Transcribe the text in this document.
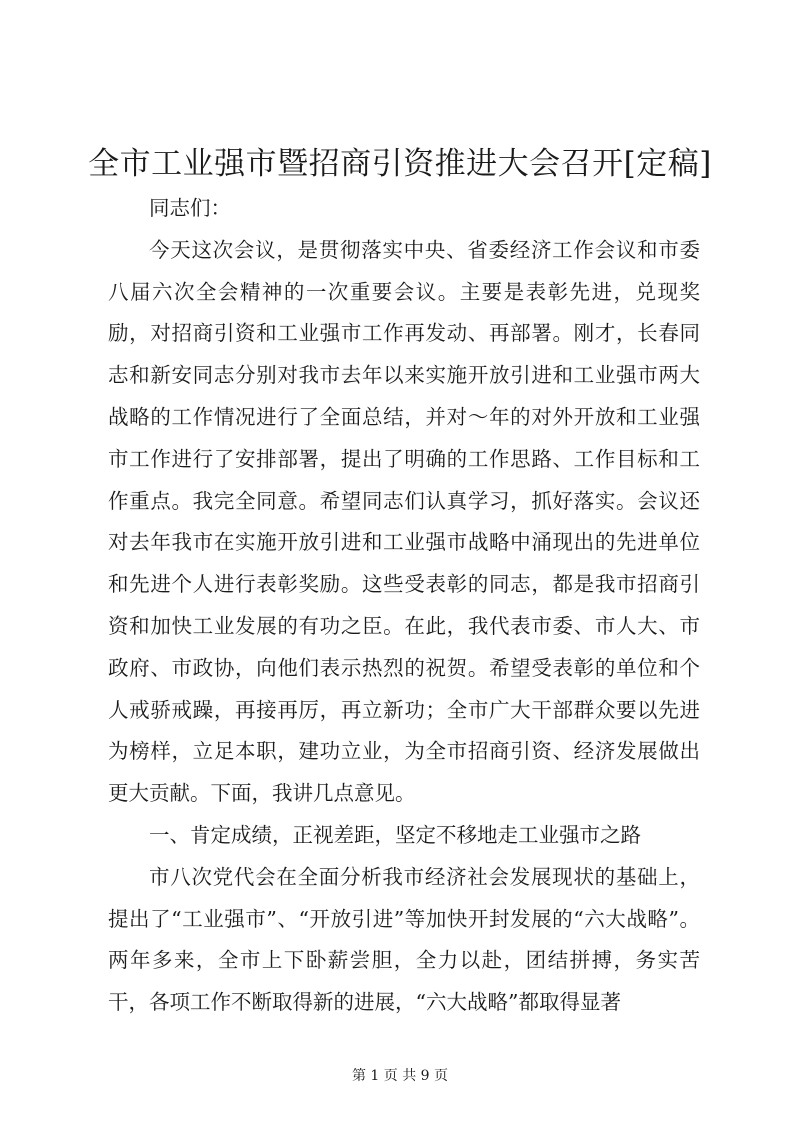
全市工业强市暨招商引资推进大会召开[定稿]

同志们：

今天这次会议，是贯彻落实中央、省委经济工作会议和市委八届六次全会精神的一次重要会议。主要是表彰先进，兑现奖励，对招商引资和工业强市工作再发动、再部署。刚才，长春同志和新安同志分别对我市去年以来实施开放引进和工业强市两大战略的工作情况进行了全面总结，并对～年的对外开放和工业强市工作进行了安排部署，提出了明确的工作思路、工作目标和工作重点。我完全同意。希望同志们认真学习，抓好落实。会议还对去年我市在实施开放引进和工业强市战略中涌现出的先进单位和先进个人进行表彰奖励。这些受表彰的同志，都是我市招商引资和加快工业发展的有功之臣。在此，我代表市委、市人大、市政府、市政协，向他们表示热烈的祝贺。希望受表彰的单位和个人戒骄戒躁，再接再厉，再立新功；全市广大干部群众要以先进为榜样，立足本职，建功立业，为全市招商引资、经济发展做出更大贡献。下面，我讲几点意见。

一、肯定成绩，正视差距，坚定不移地走工业强市之路

市八次党代会在全面分析我市经济社会发展现状的基础上，提出了“工业强市”、“开放引进”等加快开封发展的“六大战略”。两年多来，全市上下卧薪尝胆，全力以赴，团结拼搏，务实苦干，各项工作不断取得新的进展，“六大战略”都取得显著

第 1 页 共 9 页
